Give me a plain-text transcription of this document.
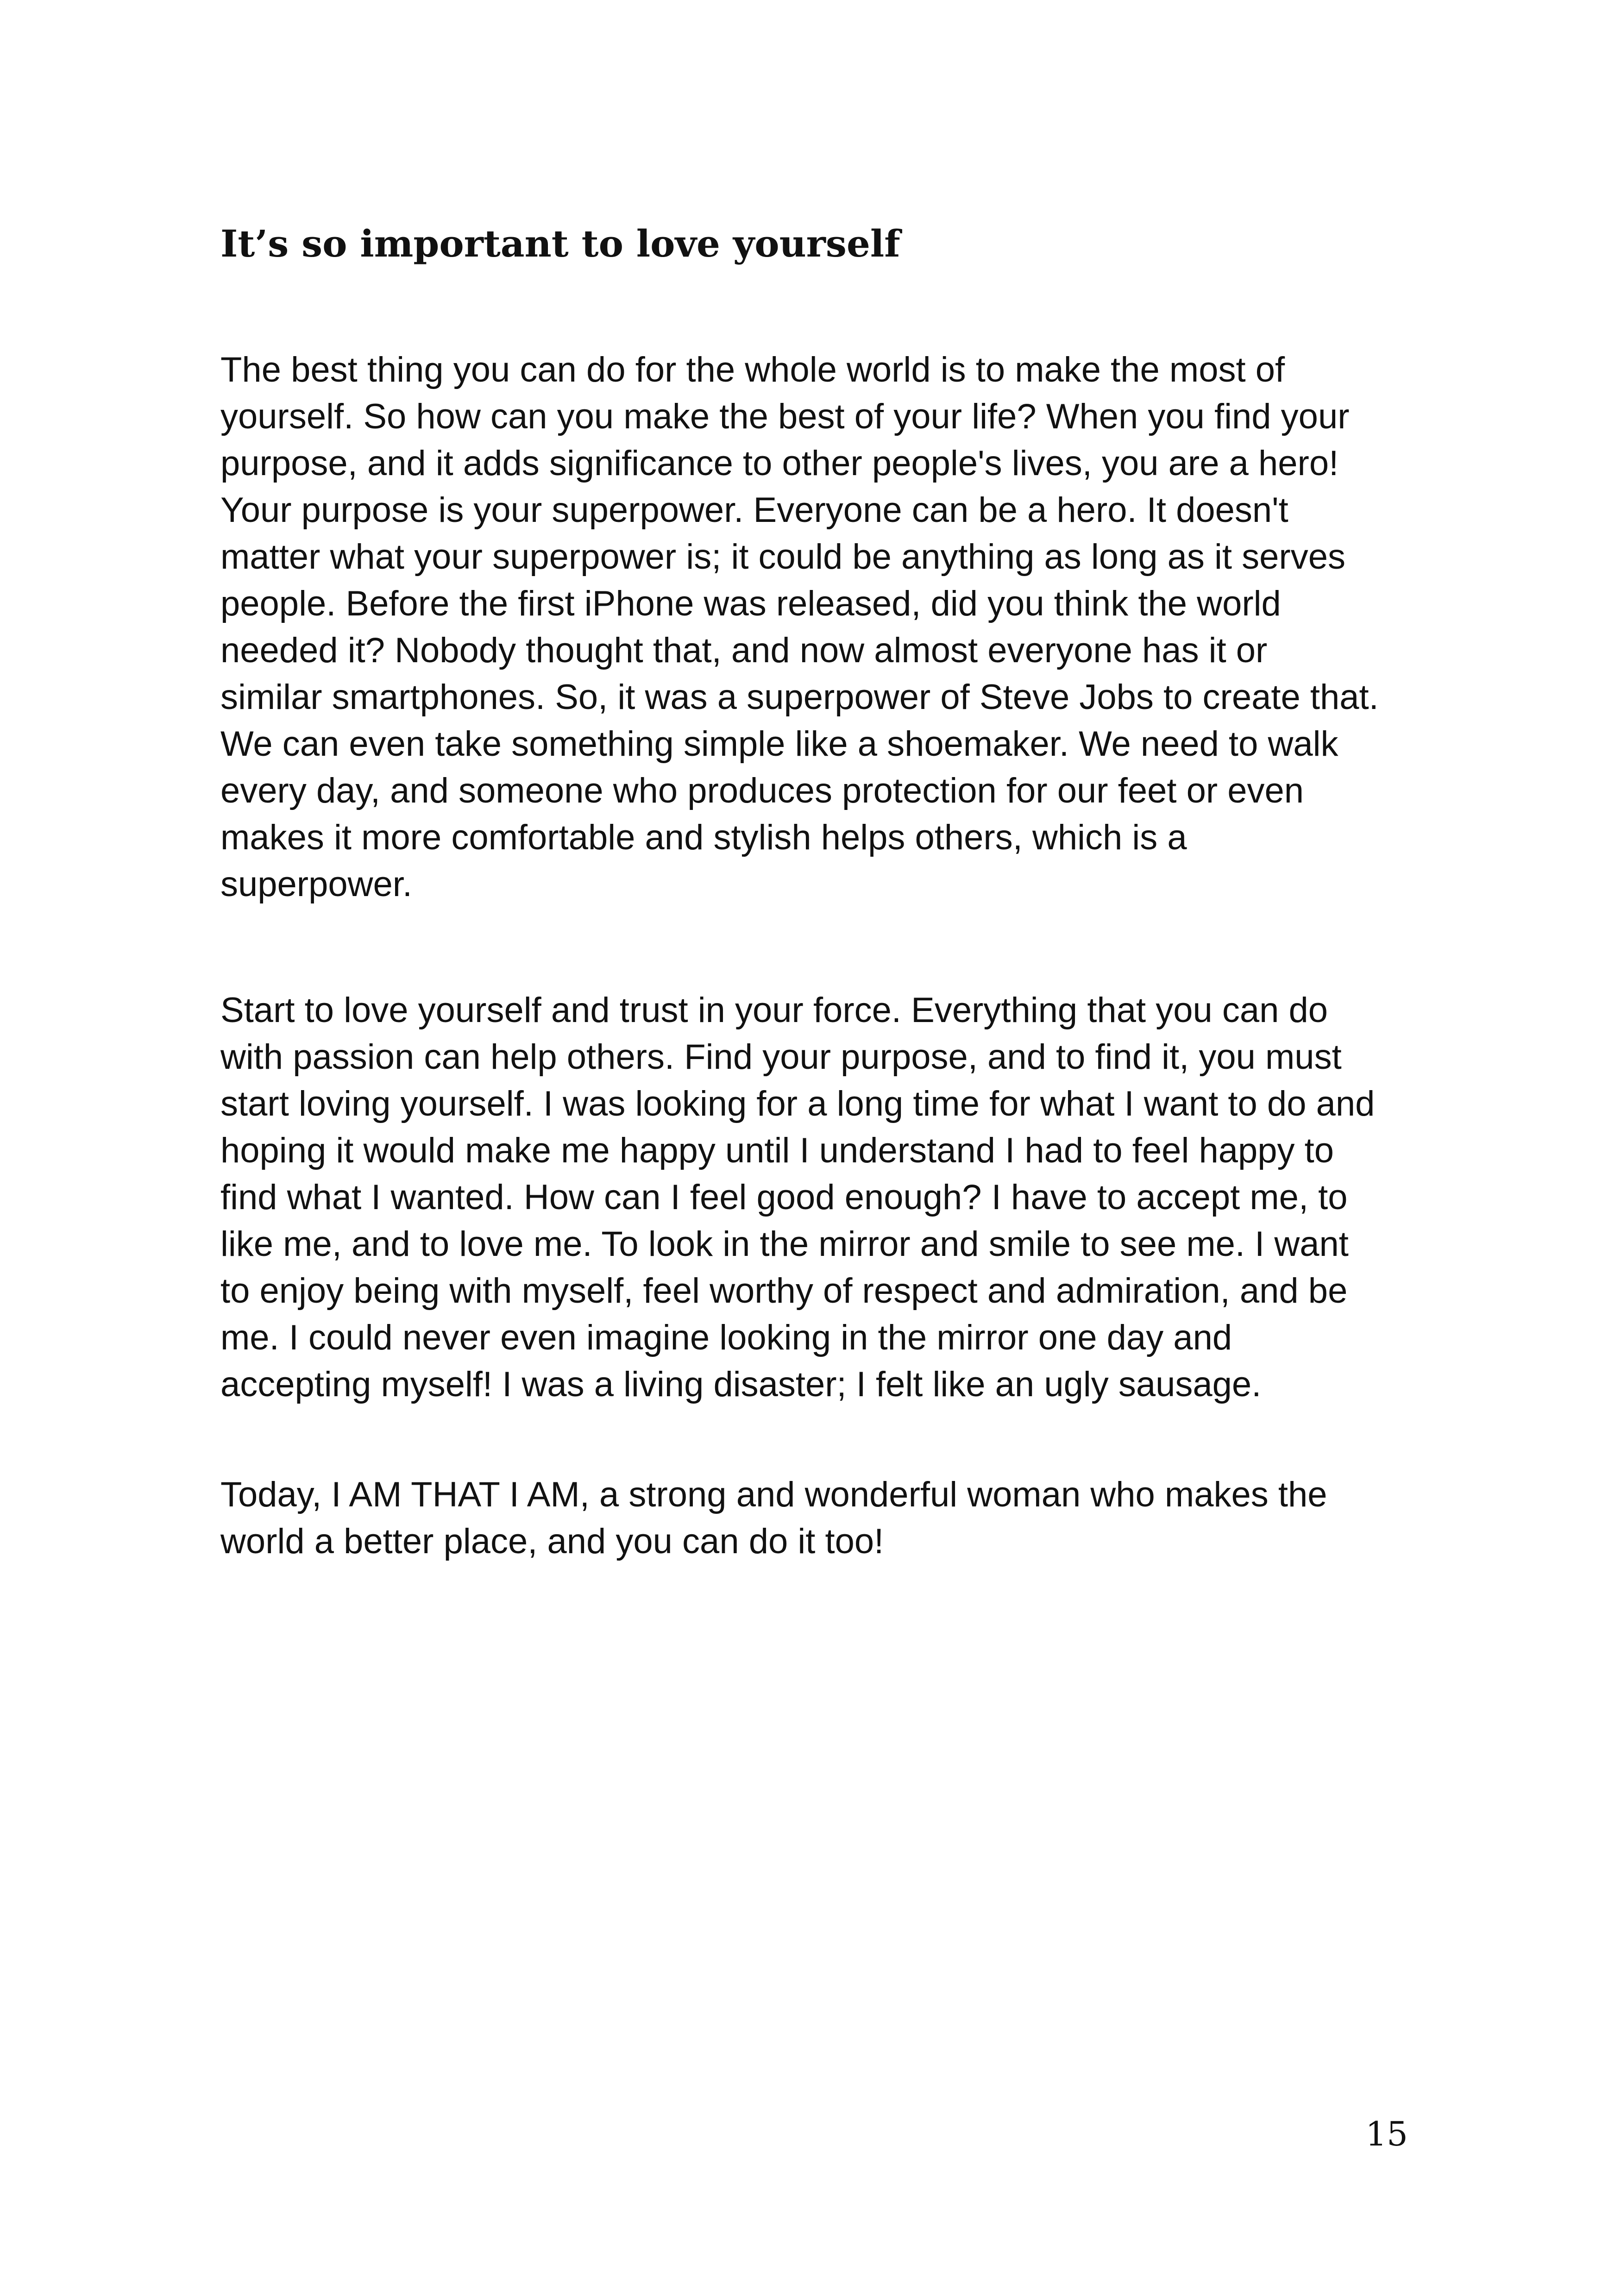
It’s so important to love yourself

The best thing you can do for the whole world is to make the most of
yourself. So how can you make the best of your life? When you find your
purpose, and it adds significance to other people's lives, you are a hero!
Your purpose is your superpower. Everyone can be a hero. It doesn't
matter what your superpower is; it could be anything as long as it serves
people. Before the first iPhone was released, did you think the world
needed it? Nobody thought that, and now almost everyone has it or
similar smartphones. So, it was a superpower of Steve Jobs to create that.
We can even take something simple like a shoemaker. We need to walk
every day, and someone who produces protection for our feet or even
makes it more comfortable and stylish helps others, which is a
superpower.

Start to love yourself and trust in your force. Everything that you can do
with passion can help others. Find your purpose, and to find it, you must
start loving yourself. I was looking for a long time for what I want to do and
hoping it would make me happy until I understand I had to feel happy to
find what I wanted. How can I feel good enough? I have to accept me, to
like me, and to love me. To look in the mirror and smile to see me. I want
to enjoy being with myself, feel worthy of respect and admiration, and be
me. I could never even imagine looking in the mirror one day and
accepting myself! I was a living disaster; I felt like an ugly sausage.

Today, I AM THAT I AM, a strong and wonderful woman who makes the
world a better place, and you can do it too!

15
